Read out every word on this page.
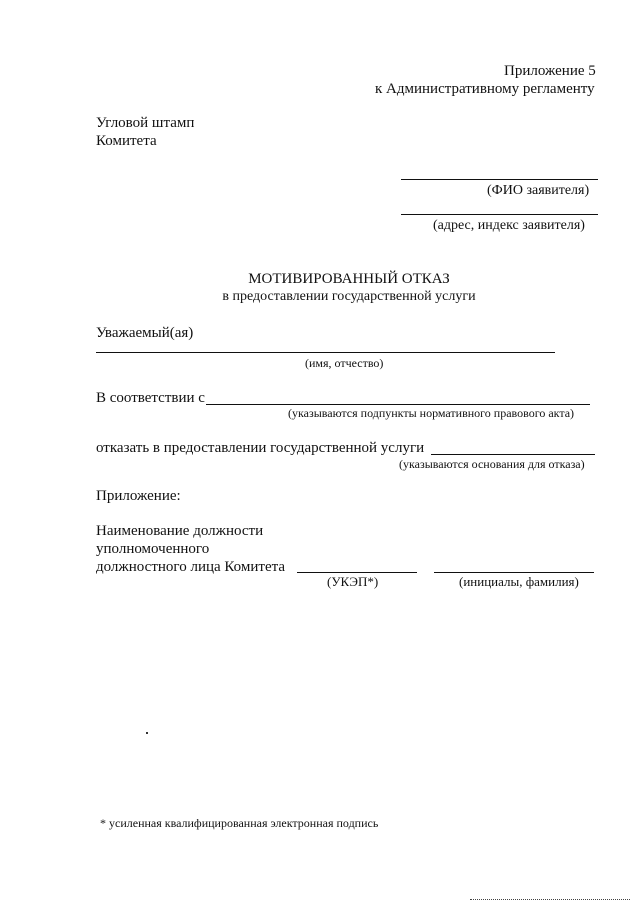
Приложение 5
к Административному регламенту
Угловой штамп
Комитета
(ФИО заявителя)
(адрес, индекс заявителя)
МОТИВИРОВАННЫЙ ОТКАЗ
в предоставлении государственной услуги
Уважаемый(ая)
(имя, отчество)
В соответствии с
(указываются подпункты нормативного правового акта)
отказать в предоставлении государственной услуги
(указываются основания для отказа)
Приложение:
Наименование должности
уполномоченного
должностного лица Комитета
(УКЭП*)	(инициалы, фамилия)
* усиленная квалифицированная электронная подпись
